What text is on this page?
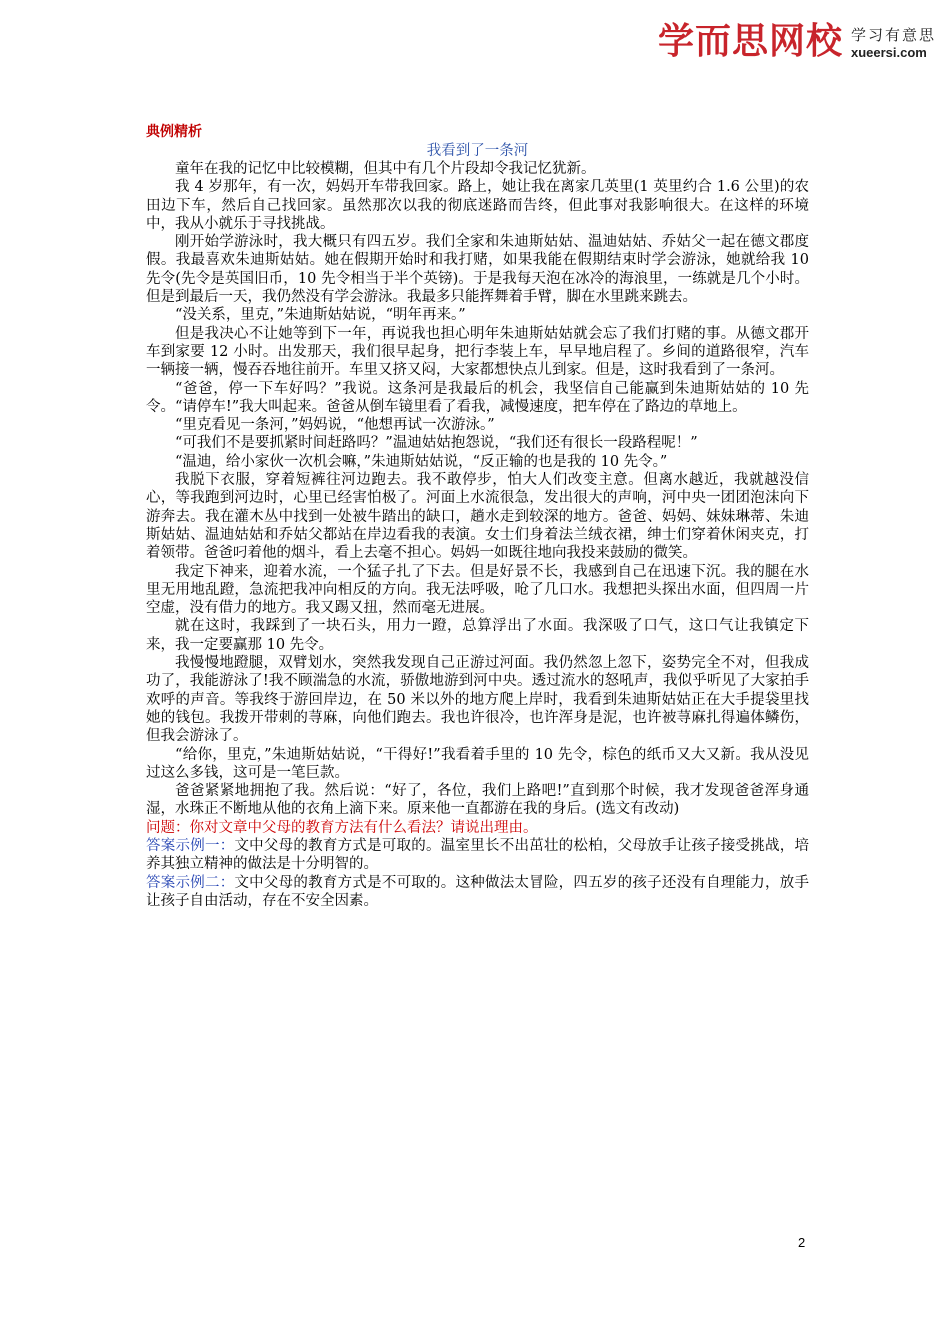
学而思网校 学习有意思
xueersi.com

典例精析

我看到了一条河

童年在我的记忆中比较模糊，但其中有几个片段却令我记忆犹新。

我 4 岁那年，有一次，妈妈开车带我回家。路上，她让我在离家几英里(1 英里约合 1.6 公里)的农田边下车，然后自己找回家。虽然那次以我的彻底迷路而告终，但此事对我影响很大。在这样的环境中，我从小就乐于寻找挑战。

刚开始学游泳时，我大概只有四五岁。我们全家和朱迪斯姑姑、温迪姑姑、乔姑父一起在德文郡度假。我最喜欢朱迪斯姑姑。她在假期开始时和我打赌，如果我能在假期结束时学会游泳，她就给我 10 先令(先令是英国旧币，10 先令相当于半个英镑)。于是我每天泡在冰冷的海浪里，一练就是几个小时。但是到最后一天，我仍然没有学会游泳。我最多只能挥舞着手臂，脚在水里跳来跳去。

“没关系，里克，”朱迪斯姑姑说，“明年再来。”

但是我决心不让她等到下一年，再说我也担心明年朱迪斯姑姑就会忘了我们打赌的事。从德文郡开车到家要 12 小时。出发那天，我们很早起身，把行李装上车，早早地启程了。乡间的道路很窄，汽车一辆接一辆，慢吞吞地往前开。车里又挤又闷，大家都想快点儿到家。但是，这时我看到了一条河。

“爸爸，停一下车好吗？”我说。这条河是我最后的机会，我坚信自己能赢到朱迪斯姑姑的 10 先令。“请停车!”我大叫起来。爸爸从倒车镜里看了看我，减慢速度，把车停在了路边的草地上。

“里克看见一条河，”妈妈说，“他想再试一次游泳。”

“可我们不是要抓紧时间赶路吗？”温迪姑姑抱怨说，“我们还有很长一段路程呢！”

“温迪，给小家伙一次机会嘛，”朱迪斯姑姑说，“反正输的也是我的 10 先令。”

我脱下衣服，穿着短裤往河边跑去。我不敢停步，怕大人们改变主意。但离水越近，我就越没信心，等我跑到河边时，心里已经害怕极了。河面上水流很急，发出很大的声响，河中央一团团泡沫向下游奔去。我在灌木丛中找到一处被牛踏出的缺口，趟水走到较深的地方。爸爸、妈妈、妹妹琳蒂、朱迪斯姑姑、温迪姑姑和乔姑父都站在岸边看我的表演。女士们身着法兰绒衣裙，绅士们穿着休闲夹克，打着领带。爸爸叼着他的烟斗，看上去毫不担心。妈妈一如既往地向我投来鼓励的微笑。

我定下神来，迎着水流，一个猛子扎了下去。但是好景不长，我感到自己在迅速下沉。我的腿在水里无用地乱蹬，急流把我冲向相反的方向。我无法呼吸，呛了几口水。我想把头探出水面，但四周一片空虚，没有借力的地方。我又踢又扭，然而毫无进展。

就在这时，我踩到了一块石头，用力一蹬，总算浮出了水面。我深吸了口气，这口气让我镇定下来，我一定要赢那 10 先令。

我慢慢地蹬腿，双臂划水，突然我发现自己正游过河面。我仍然忽上忽下，姿势完全不对，但我成功了，我能游泳了!我不顾湍急的水流，骄傲地游到河中央。透过流水的怒吼声，我似乎听见了大家拍手欢呼的声音。等我终于游回岸边，在 50 米以外的地方爬上岸时，我看到朱迪斯姑姑正在大手提袋里找她的钱包。我拨开带刺的荨麻，向他们跑去。我也许很冷，也许浑身是泥，也许被荨麻扎得遍体鳞伤，但我会游泳了。

“给你，里克，”朱迪斯姑姑说，“干得好!”我看着手里的 10 先令，棕色的纸币又大又新。我从没见过这么多钱，这可是一笔巨款。

爸爸紧紧地拥抱了我。然后说：“好了，各位，我们上路吧!”直到那个时候，我才发现爸爸浑身通湿，水珠正不断地从他的衣角上滴下来。原来他一直都游在我的身后。(选文有改动)

问题：你对文章中父母的教育方法有什么看法？请说出理由。

答案示例一：文中父母的教育方式是可取的。温室里长不出茁壮的松柏，父母放手让孩子接受挑战，培养其独立精神的做法是十分明智的。

答案示例二：文中父母的教育方式是不可取的。这种做法太冒险，四五岁的孩子还没有自理能力，放手让孩子自由活动，存在不安全因素。

2
